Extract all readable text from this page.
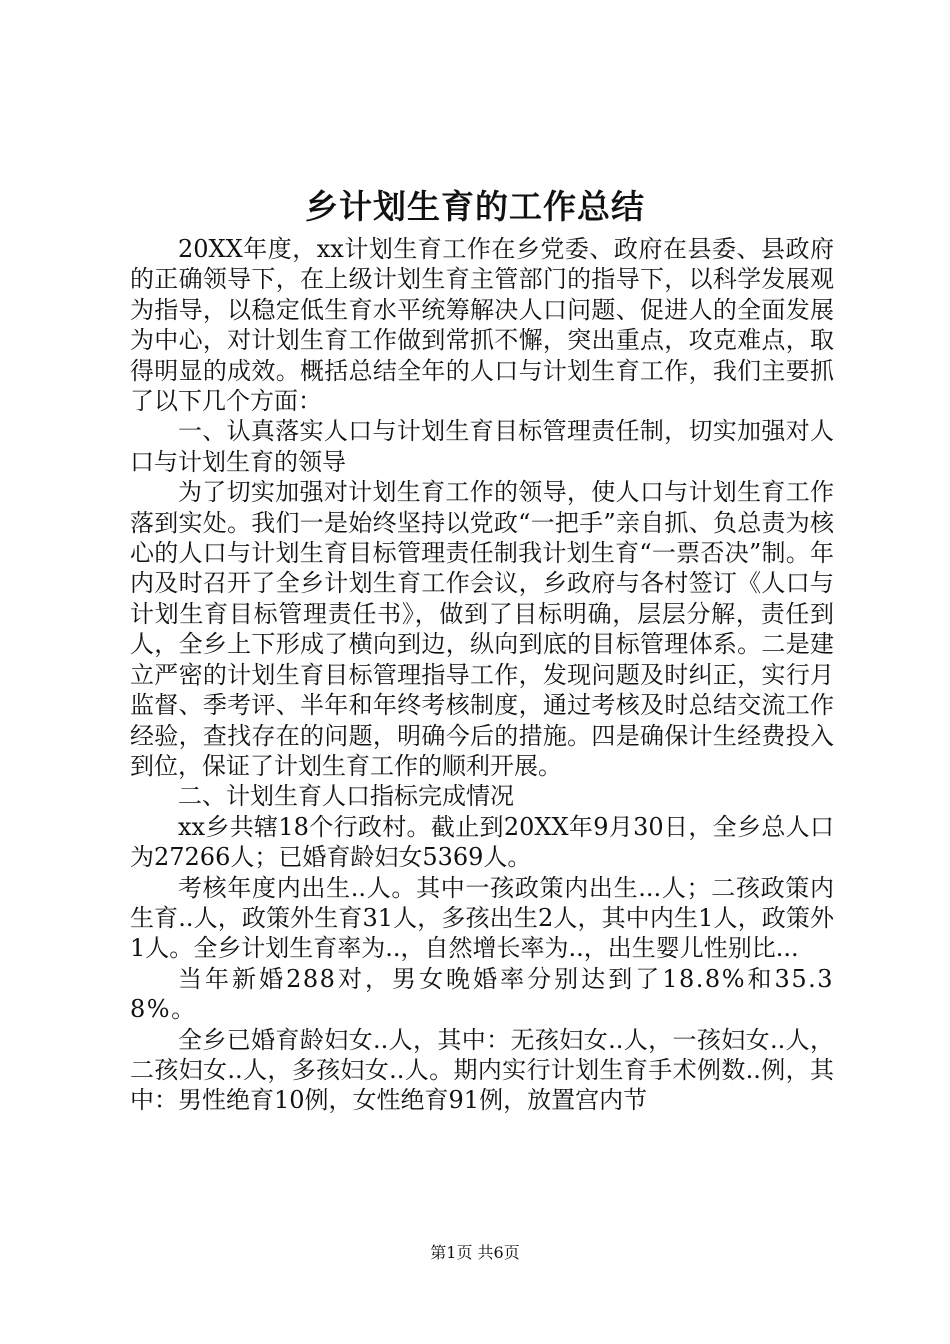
乡计划生育的工作总结

20XX年度，xx计划生育工作在乡党委、政府在县委、县政府的正确领导下，在上级计划生育主管部门的指导下，以科学发展观为指导，以稳定低生育水平统筹解决人口问题、促进人的全面发展为中心，对计划生育工作做到常抓不懈，突出重点，攻克难点，取得明显的成效。概括总结全年的人口与计划生育工作，我们主要抓了以下几个方面：

一、认真落实人口与计划生育目标管理责任制，切实加强对人口与计划生育的领导

为了切实加强对计划生育工作的领导，使人口与计划生育工作落到实处。我们一是始终坚持以党政“一把手”亲自抓、负总责为核心的人口与计划生育目标管理责任制我计划生育“一票否决”制。年内及时召开了全乡计划生育工作会议，乡政府与各村签订《人口与计划生育目标管理责任书》，做到了目标明确，层层分解，责任到人，全乡上下形成了横向到边，纵向到底的目标管理体系。二是建立严密的计划生育目标管理指导工作，发现问题及时纠正，实行月监督、季考评、半年和年终考核制度，通过考核及时总结交流工作经验，查找存在的问题，明确今后的措施。四是确保计生经费投入到位，保证了计划生育工作的顺利开展。

二、计划生育人口指标完成情况

xx乡共辖18个行政村。截止到20XX年9月30日，全乡总人口为27266人；已婚育龄妇女5369人。

考核年度内出生..人。其中一孩政策内出生...人；二孩政策内生育..人，政策外生育31人，多孩出生2人，其中内生1人，政策外1人。全乡计划生育率为..，自然增长率为..，出生婴儿性别比...

当年新婚288对，男女晚婚率分别达到了18.8%和35.38%。

全乡已婚育龄妇女..人，其中：无孩妇女..人，一孩妇女..人，二孩妇女..人，多孩妇女..人。期内实行计划生育手术例数..例，其中：男性绝育10例，女性绝育91例，放置宫内节

第1页 共6页
